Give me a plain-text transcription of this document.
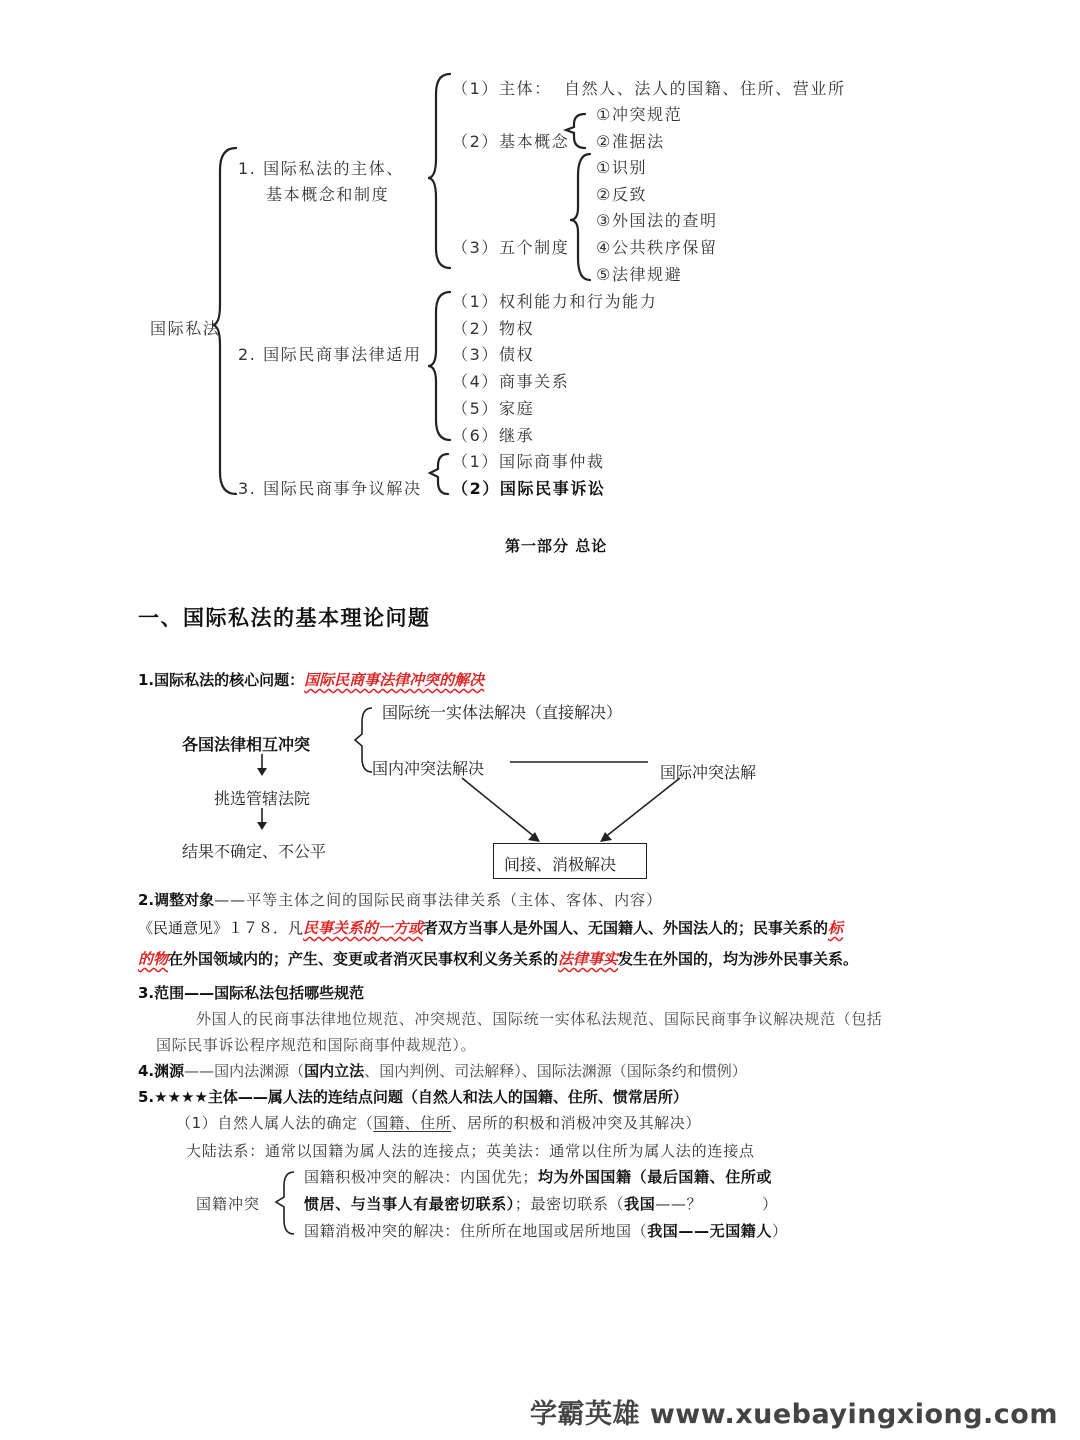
国际私法
1. 国际私法的主体、
基本概念和制度
（1）主体： 自然人、法人的国籍、住所、营业所
（2）基本概念
①冲突规范
②准据法
（3）五个制度
①识别
②反致
③外国法的查明
④公共秩序保留
⑤法律规避
2. 国际民商事法律适用
（1）权利能力和行为能力
（2）物权
（3）债权
（4）商事关系
（5）家庭
（6）继承
3. 国际民商事争议解决
（1）国际商事仲裁
（2）国际民事诉讼
第一部分 总论
一、国际私法的基本理论问题
1.国际私法的核心问题：国际民商事法律冲突的解决
各国法律相互冲突
挑选管辖法院
结果不确定、不公平
国际统一实体法解决（直接解决）
国内冲突法解决	国际冲突法解
间接、消极解决
2.调整对象——平等主体之间的国际民商事法律关系（主体、客体、内容）
《民通意见》１７８．凡民事关系的一方或者双方当事人是外国人、无国籍人、外国法人的；民事关系的标
的物在外国领域内的；产生、变更或者消灭民事权利义务关系的法律事实发生在外国的，均为涉外民事关系。
3.范围——国际私法包括哪些规范
外国人的民商事法律地位规范、冲突规范、国际统一实体私法规范、国际民商事争议解决规范（包括
国际民事诉讼程序规范和国际商事仲裁规范）。
4.渊源——国内法渊源（国内立法、国内判例、司法解释）、国际法渊源（国际条约和惯例）
5.★★★★主体——属人法的连结点问题（自然人和法人的国籍、住所、惯常居所）
（1）自然人属人法的确定（国籍、住所、居所的积极和消极冲突及其解决）
大陆法系：通常以国籍为属人法的连接点；英美法：通常以住所为属人法的连接点
国籍冲突
国籍积极冲突的解决：内国优先；均为外国国籍（最后国籍、住所或
惯居、与当事人有最密切联系）；最密切联系（我国——？	）
国籍消极冲突的解决：住所所在地国或居所地国（我国——无国籍人）
学霸英雄 www.xuebayingxiong.com
